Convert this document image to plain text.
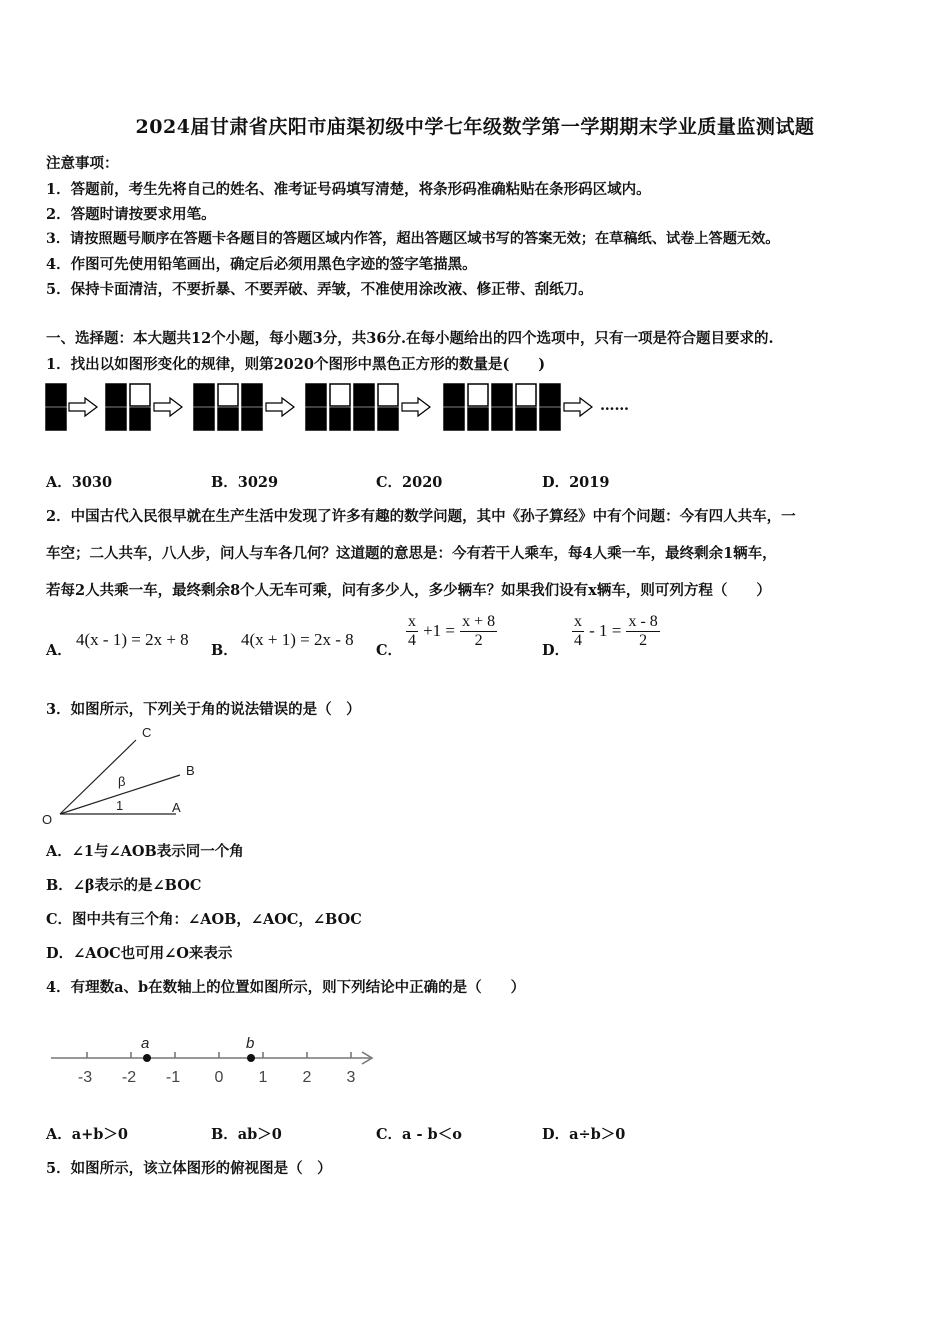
2024届甘肃省庆阳市庙渠初级中学七年级数学第一学期期末学业质量监测试题
注意事项：
1．答题前，考生先将自己的姓名、准考证号码填写清楚，将条形码准确粘贴在条形码区域内。
2．答题时请按要求用笔。
3．请按照题号顺序在答题卡各题目的答题区域内作答，超出答题区域书写的答案无效；在草稿纸、试卷上答题无效。
4．作图可先使用铅笔画出，确定后必须用黑色字迹的签字笔描黑。
5．保持卡面清洁，不要折暴、不要弄破、弄皱，不准使用涂改液、修正带、刮纸刀。
一、选择题：本大题共12个小题，每小题3分，共36分.在每小题给出的四个选项中，只有一项是符合题目要求的.
1．找出以如图形变化的规律，则第2020个图形中黑色正方形的数量是(　　)
……
A．3030	B．3029	C．2020	D．2019
2．中国古代入民很早就在生产生活中发现了许多有趣的数学问题，其中《孙子算经》中有个问题：今有四人共车，一
车空；二人共车，八人步，问人与车各几何？这道题的意思是：今有若干人乘车，每4人乘一车，最终剩余1辆车，
若每2人共乘一车，最终剩余8个人无车可乘，问有多少人，多少辆车？如果我们设有x辆车，则可列方程（　　）
A．
4(x - 1) = 2x + 8
B．
4(x + 1) = 2x - 8
C．
$\frac{x}{4} +1 = \frac{x + 8}{2}$
D．
$\frac{x}{4} - 1 = \frac{x - 8}{2}$
3．如图所示，下列关于角的说法错误的是（　）
C
B
β
1	A
O
A．∠1与∠AOB表示同一个角
B．∠β表示的是∠BOC
C．图中共有三个角：∠AOB，∠AOC，∠BOC
D．∠AOC也可用∠O来表示
4．有理数a、b在数轴上的位置如图所示，则下列结论中正确的是（　　）
a	b
-3 -2 -1 0 1 2 3
A．a+b＞0	B．ab＞0	C．a - b＜o	D．a÷b＞0
5．如图所示，该立体图形的俯视图是（　）
